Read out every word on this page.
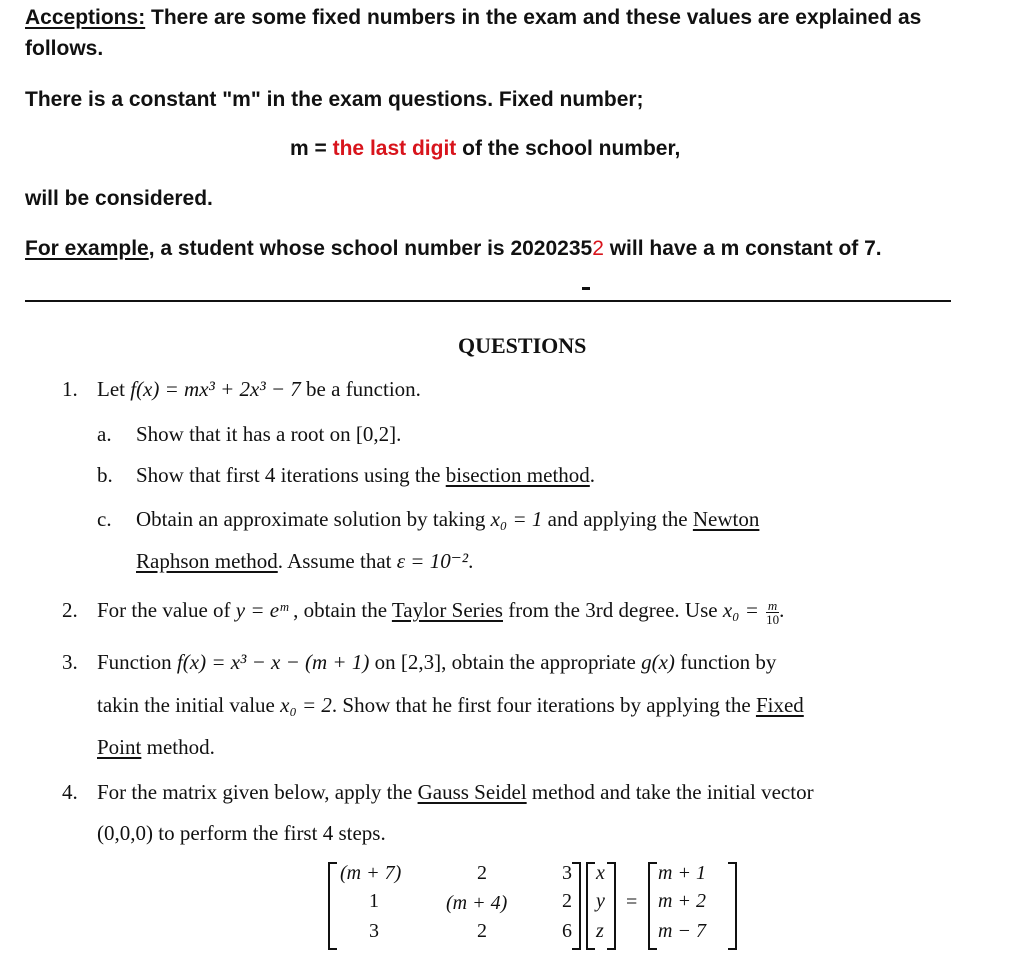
Acceptions: There are some fixed numbers in the exam and these values are explained as
follows.
There is a constant "m" in the exam questions. Fixed number;
m = the last digit of the school number,
will be considered.
For example, a student whose school number is 20202352 will have a m constant of 7.
QUESTIONS
1. Let f(x) = mx³ + 2x³ − 7 be a function.
a. Show that it has a root on [0,2].
b. Show that first 4 iterations using the bisection method.
c. Obtain an approximate solution by taking x₀ = 1 and applying the Newton
Raphson method. Assume that ε = 10⁻².
2. For the value of y = eᵐ , obtain the Taylor Series from the 3rd degree. Use $x_0 = \frac{m}{10}$ .
3. Function f(x) = x³ − x − (m + 1) on [2,3], obtain the appropriate g(x) function by
takin the initial value x₀ = 2. Show that he first four iterations by applying the Fixed
Point method.
4. For the matrix given below, apply the Gauss Seidel method and take the initial vector
(0,0,0) to perform the first 4 steps.
(m + 7)	2	3
1	(m + 4)	2
3	2	6
x
y
z
=
m + 1
m + 2
m − 7
